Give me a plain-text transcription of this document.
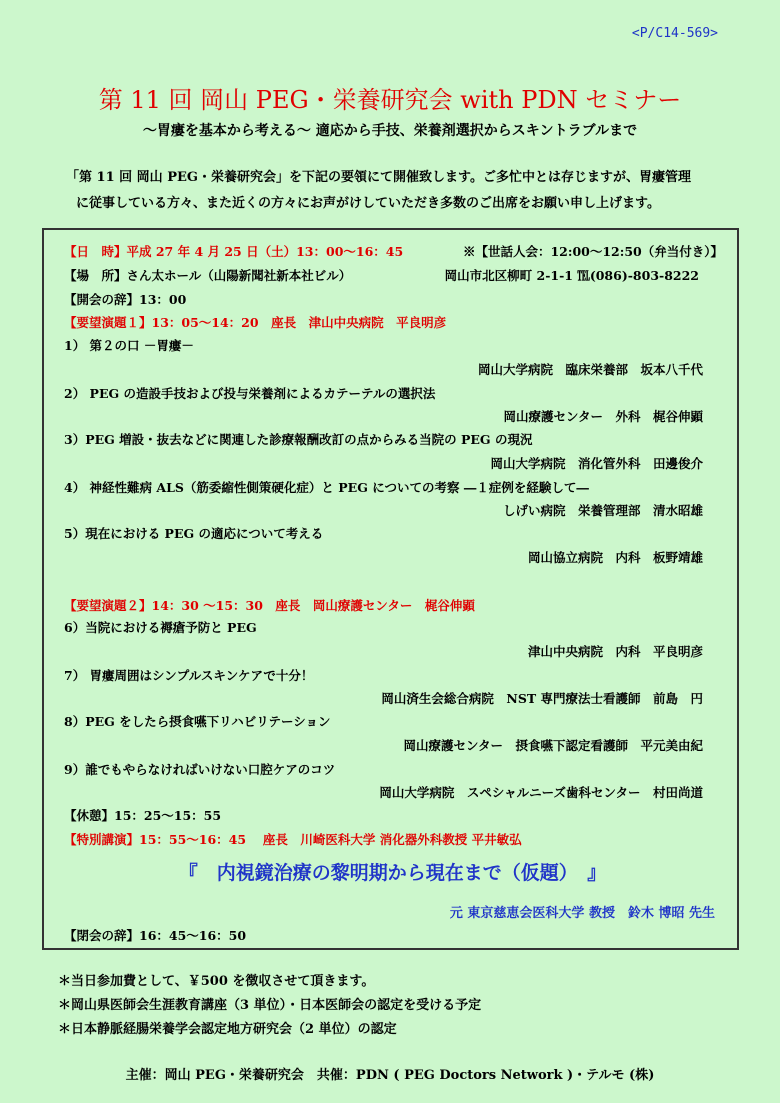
<P/C14-569>
第 11 回 岡山 PEG・栄養研究会 with PDN セミナー
～胃瘻を基本から考える～ 適応から手技、栄養剤選択からスキントラブルまで
「第 11 回 岡山 PEG・栄養研究会」を下記の要領にて開催致します。ご多忙中とは存じますが、胃瘻管理
に従事している方々、また近くの方々にお声がけしていただき多数のご出席をお願い申し上げます。
【日　時】平成 27 年 4 月 25 日（土）13：00～16：45	※【世話人会：12:00～12:50（弁当付き）】
【場　所】さん太ホール（山陽新聞社新本社ビル）	岡山市北区柳町 2-1-1 ℡(086)-803-8222
【開会の辞】13：00
【要望演題１】13：05～14：20　座長　津山中央病院　平良明彦
1） 第２の口 －胃瘻－
岡山大学病院　臨床栄養部　坂本八千代
2） PEG の造設手技および投与栄養剤によるカテーテルの選択法
岡山療護センター　外科　梶谷伸顕
3）PEG 増設・抜去などに関連した診療報酬改訂の点からみる当院の PEG の現況
岡山大学病院　消化管外科　田邊俊介
4） 神経性難病 ALS（筋委縮性側策硬化症）と PEG についての考察 ―１症例を経験して―
しげい病院　栄養管理部　清水昭雄
5）現在における PEG の適応について考える
岡山協立病院　内科　板野靖雄
【要望演題２】14：30 ～15：30　座長　岡山療護センター　梶谷伸顕
6）当院における褥瘡予防と PEG
津山中央病院　内科　平良明彦
7） 胃瘻周囲はシンプルスキンケアで十分！
岡山済生会総合病院　NST 専門療法士看護師　前島　円
8）PEG をしたら摂食嚥下リハビリテーション
岡山療護センター　摂食嚥下認定看護師　平元美由紀
9）誰でもやらなければいけない口腔ケアのコツ
岡山大学病院　スペシャルニーズ歯科センター　村田尚道
【休憩】15：25～15：55
【特別講演】15：55～16：45　 座長　川崎医科大学 消化器外科教授 平井敏弘
『　内視鏡治療の黎明期から現在まで（仮題）　』
元 東京慈恵会医科大学 教授　鈴木 博昭 先生
【閉会の辞】16：45～16：50
＊当日参加費として、￥500 を徴収させて頂きます。
＊岡山県医師会生涯教育講座（3 単位）・日本医師会の認定を受ける予定
＊日本静脈経腸栄養学会認定地方研究会（2 単位）の認定
主催：岡山 PEG・栄養研究会　共催：PDN ( PEG Doctors Network )・テルモ (株)
